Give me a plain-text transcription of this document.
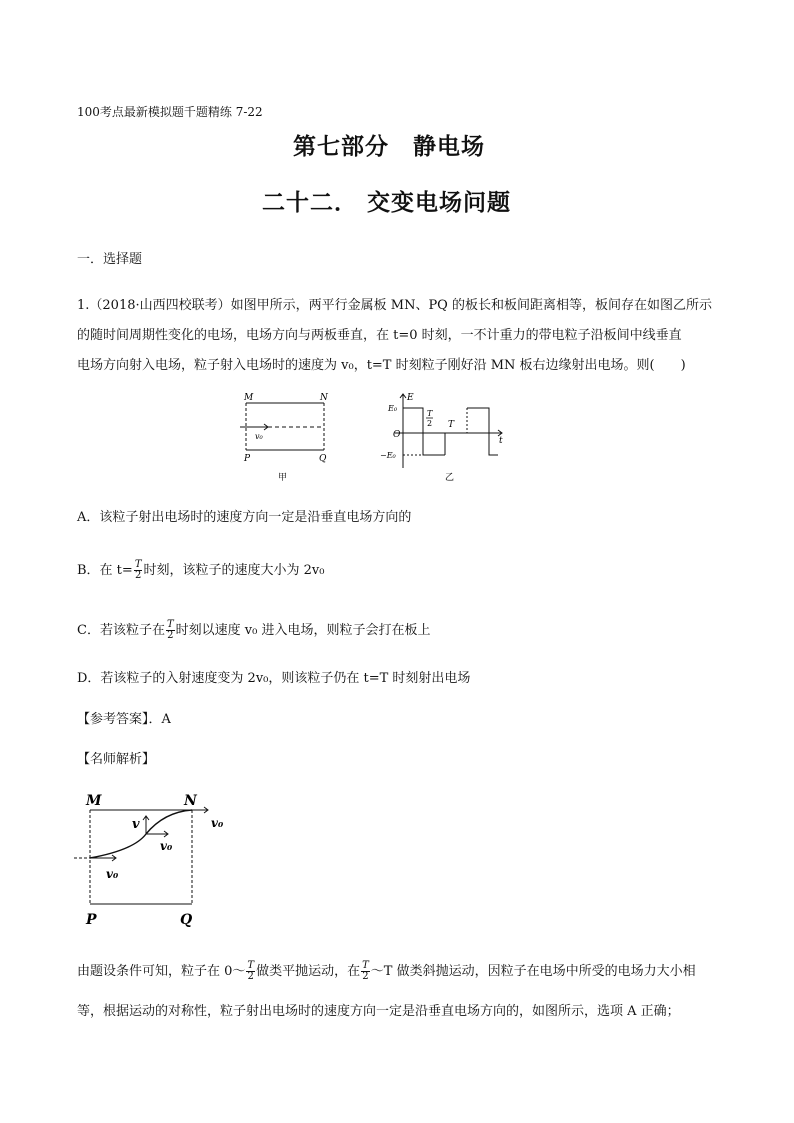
100考点最新模拟题千题精练 7-22
第七部分　静电场
二十二． 交变电场问题
一．选择题
1.（2018·山西四校联考）如图甲所示，两平行金属板 MN、PQ 的板长和板间距离相等，板间存在如图乙所示
的随时间周期性变化的电场，电场方向与两板垂直，在 t=0 时刻，一不计重力的带电粒子沿板间中线垂直
电场方向射入电场，粒子射入电场时的速度为 v₀，t=T 时刻粒子刚好沿 MN 板右边缘射出电场。则(　　)
M	N
v₀
P	Q
甲
E
E₀
O
−E₀
t
T
2 T
乙
A．该粒子射出电场时的速度方向一定是沿垂直电场方向的
B．在 $t= \frac{T}{2}$ 时刻，该粒子的速度大小为 2v₀
C．若该粒子在 $\frac{T}{2}$ 时刻以速度 v₀ 进入电场，则粒子会打在板上
D．若该粒子的入射速度变为 2v₀，则该粒子仍在 t=T 时刻射出电场
【参考答案】．A
【名师解析】
M	N
v
v₀
v₀
v₀
P	Q
由题设条件可知，粒子在 0～ $\frac{T}{2}$ 做类平抛运动，在 $\frac{T}{2}$ ～T 做类斜抛运动，因粒子在电场中所受的电场力大小相
等，根据运动的对称性，粒子射出电场时的速度方向一定是沿垂直电场方向的，如图所示，选项 A 正确；
